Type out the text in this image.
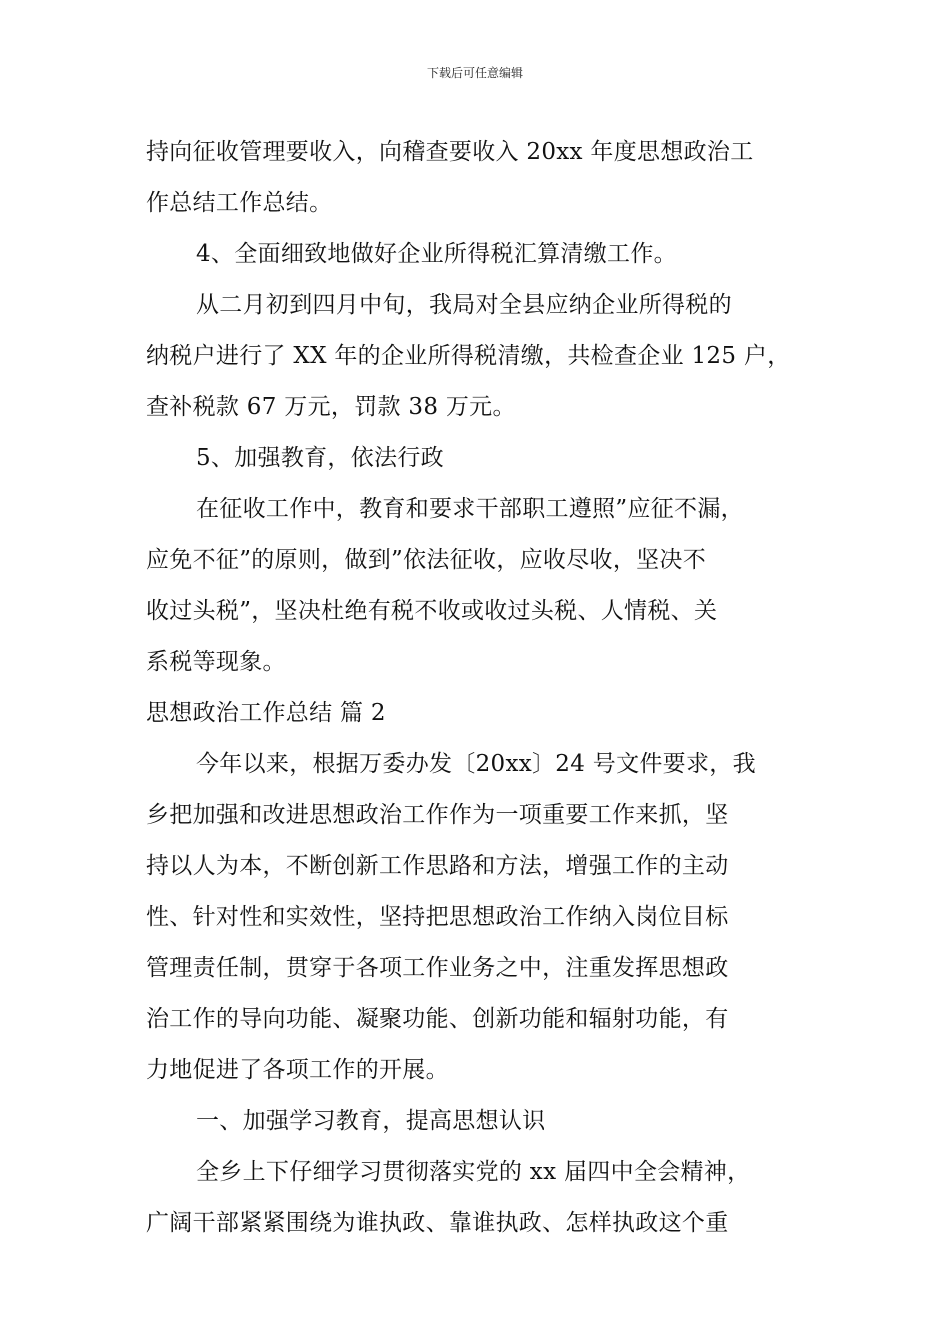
下载后可任意编辑
持向征收管理要收入，向稽查要收入 20xx 年度思想政治工
作总结工作总结。
4、全面细致地做好企业所得税汇算清缴工作。
从二月初到四月中旬，我局对全县应纳企业所得税的
纳税户进行了 XX 年的企业所得税清缴，共检查企业 125 户，
查补税款 67 万元，罚款 38 万元。
5、加强教育，依法行政
在征收工作中，教育和要求干部职工遵照”应征不漏，
应免不征”的原则，做到”依法征收，应收尽收，坚决不
收过头税”，坚决杜绝有税不收或收过头税、人情税、关
系税等现象。
思想政治工作总结 篇 2
今年以来，根据万委办发〔20xx〕24 号文件要求，我
乡把加强和改进思想政治工作作为一项重要工作来抓，坚
持以人为本，不断创新工作思路和方法，增强工作的主动
性、针对性和实效性，坚持把思想政治工作纳入岗位目标
管理责任制，贯穿于各项工作业务之中，注重发挥思想政
治工作的导向功能、凝聚功能、创新功能和辐射功能，有
力地促进了各项工作的开展。
一、加强学习教育，提高思想认识
全乡上下仔细学习贯彻落实党的 xx 届四中全会精神，
广阔干部紧紧围绕为谁执政、靠谁执政、怎样执政这个重
